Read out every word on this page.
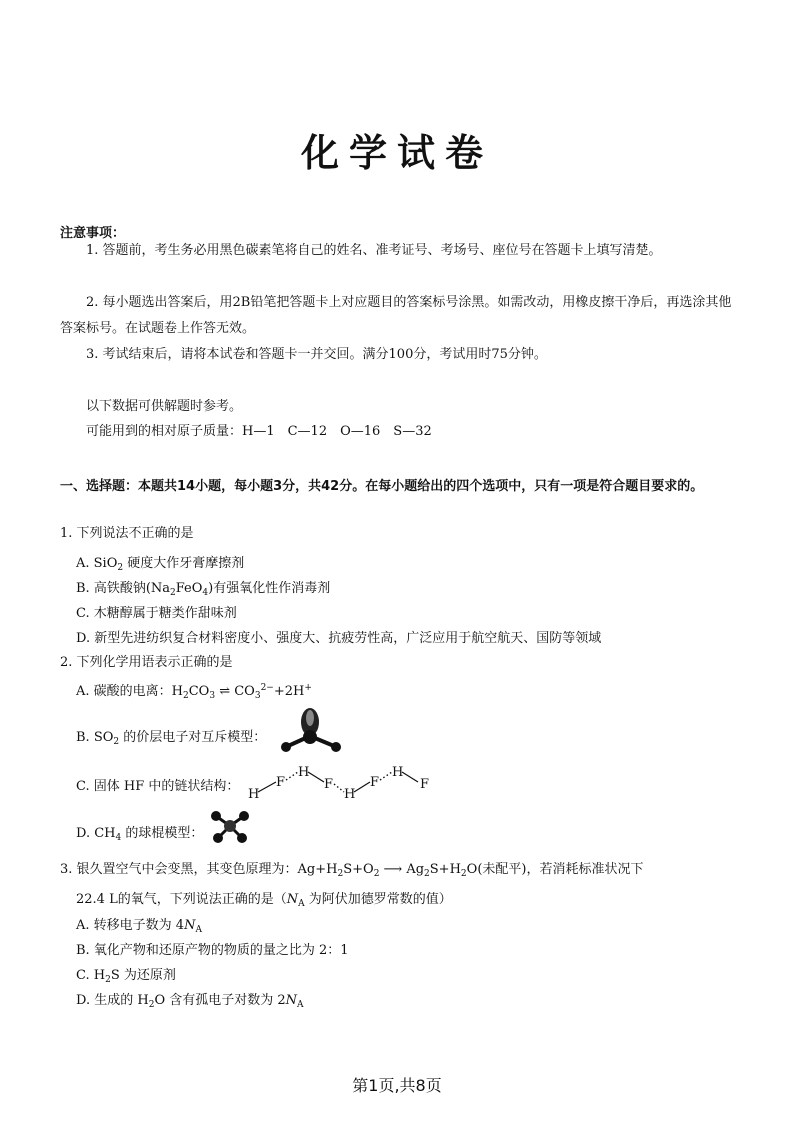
化学试卷
注意事项：
1. 答题前，考生务必用黑色碳素笔将自己的姓名、准考证号、考场号、座位号在答题卡上填写清楚。
2. 每小题选出答案后，用2B铅笔把答题卡上对应题目的答案标号涂黑。如需改动，用橡皮擦干净后，再选涂其他答案标号。在试题卷上作答无效。
3. 考试结束后，请将本试卷和答题卡一并交回。满分100分，考试用时75分钟。
以下数据可供解题时参考。
可能用到的相对原子质量：H—1　C—12　O—16　S—32
一、选择题：本题共14小题，每小题3分，共42分。在每小题给出的四个选项中，只有一项是符合题目要求的。
1. 下列说法不正确的是
A. SiO$_2$ 硬度大作牙膏摩擦剂
B. 高铁酸钠$(Na_2FeO_4)$有强氧化性作消毒剂
C. 木糖醇属于糖类作甜味剂
D. 新型先进纺织复合材料密度小、强度大、抗疲劳性高，广泛应用于航空航天、国防等领域
2. 下列化学用语表示正确的是
A. 碳酸的电离：$H_2CO_3$ ⇌ $CO_3^{2-}+2H^+$
B. $SO_2$ 的价层电子对互斥模型：
C. 固体 HF 中的链状结构：
H
F
H
F
H
F
H
F
D. $CH_4$ 的球棍模型：
3. 银久置空气中会变黑，其变色原理为：$Ag+H_2S+O_2$ ⟶ $Ag_2S+H_2O$(未配平)，若消耗标准状况下
22.4 L的氧气，下列说法正确的是（$N_A$ 为阿伏加德罗常数的值）
A. 转移电子数为 $4N_A$
B. 氧化产物和还原产物的物质的量之比为 2：1
C. $H_2S$ 为还原剂
D. 生成的 $H_2O$ 含有孤电子对数为 $2N_A$
第1页,共8页
